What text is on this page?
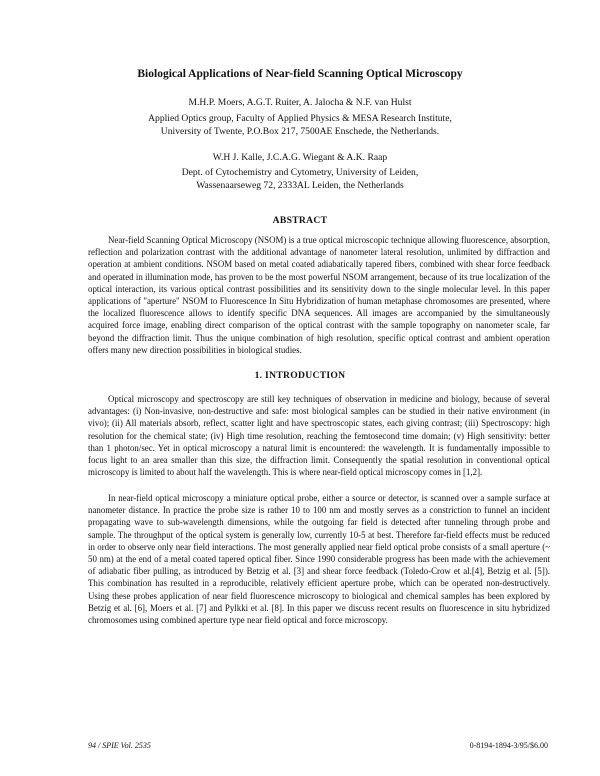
Biological Applications of Near-field Scanning Optical Microscopy
M.H.P. Moers, A.G.T. Ruiter, A. Jalocha & N.F. van Hulst
Applied Optics group, Faculty of Applied Physics & MESA Research Institute,
University of Twente, P.O.Box 217, 7500AE Enschede, the Netherlands.
W.H J. Kalle, J.C.A.G. Wiegant & A.K. Raap
Dept. of Cytochemistry and Cytometry, University of Leiden,
Wassenaarseweg 72, 2333AL Leiden, the Netherlands
ABSTRACT
Near-field Scanning Optical Microscopy (NSOM) is a true optical microscopic technique allowing fluorescence, absorption, reflection and polarization contrast with the additional advantage of nanometer lateral resolution, unlimited by diffraction and operation at ambient conditions. NSOM based on metal coated adiabatically tapered fibers, combined with shear force feedback and operated in illumination mode, has proven to be the most powerful NSOM arrangement, because of its true localization of the optical interaction, its various optical contrast possibilities and its sensitivity down to the single molecular level. In this paper applications of "aperture" NSOM to Fluorescence In Situ Hybridization of human metaphase chromosomes are presented, where the localized fluorescence allows to identify specific DNA sequences. All images are accompanied by the simultaneously acquired force image, enabling direct comparison of the optical contrast with the sample topography on nanometer scale, far beyond the diffraction limit. Thus the unique combination of high resolution, specific optical contrast and ambient operation offers many new direction possibilities in biological studies.
1. INTRODUCTION
Optical microscopy and spectroscopy are still key techniques of observation in medicine and biology, because of several advantages: (i) Non-invasive, non-destructive and safe: most biological samples can be studied in their native environment (in vivo); (ii) All materials absorb, reflect, scatter light and have spectroscopic states, each giving contrast; (iii) Spectroscopy: high resolution for the chemical state; (iv) High time resolution, reaching the femtosecond time domain; (v) High sensitivity: better than 1 photon/sec. Yet in optical microscopy a natural limit is encountered: the wavelength. It is fundamentally impossible to focus light to an area smaller than this size, the diffraction limit. Consequently the spatial resolution in conventional optical microscopy is limited to about half the wavelength. This is where near-field optical microscopy comes in [1,2].
In near-field optical microscopy a miniature optical probe, either a source or detector, is scanned over a sample surface at nanometer distance. In practice the probe size is rather 10 to 100 nm and mostly serves as a constriction to funnel an incident propagating wave to sub-wavelength dimensions, while the outgoing far field is detected after tunneling through probe and sample. The throughput of the optical system is generally low, currently 10-5 at best. Therefore far-field effects must be reduced in order to observe only near field interactions. The most generally applied near field optical probe consists of a small aperture (~ 50 nm) at the end of a metal coated tapered optical fiber. Since 1990 considerable progress has been made with the achievement of adiabatic fiber pulling, as introduced by Betzig et al. [3] and shear force feedback (Toledo-Crow et al.[4], Betzig et al. [5]). This combination has resulted in a reproducible, relatively efficient aperture probe, which can be operated non-destructively. Using these probes application of near field fluorescence microscopy to biological and chemical samples has been explored by Betzig et al. [6], Moers et al. [7] and Pylkki et al. [8]. In this paper we discuss recent results on fluorescence in situ hybridized chromosomes using combined aperture type near field optical and force microscopy.
94 / SPIE Vol. 2535	0-8194-1894-3/95/$6.00
